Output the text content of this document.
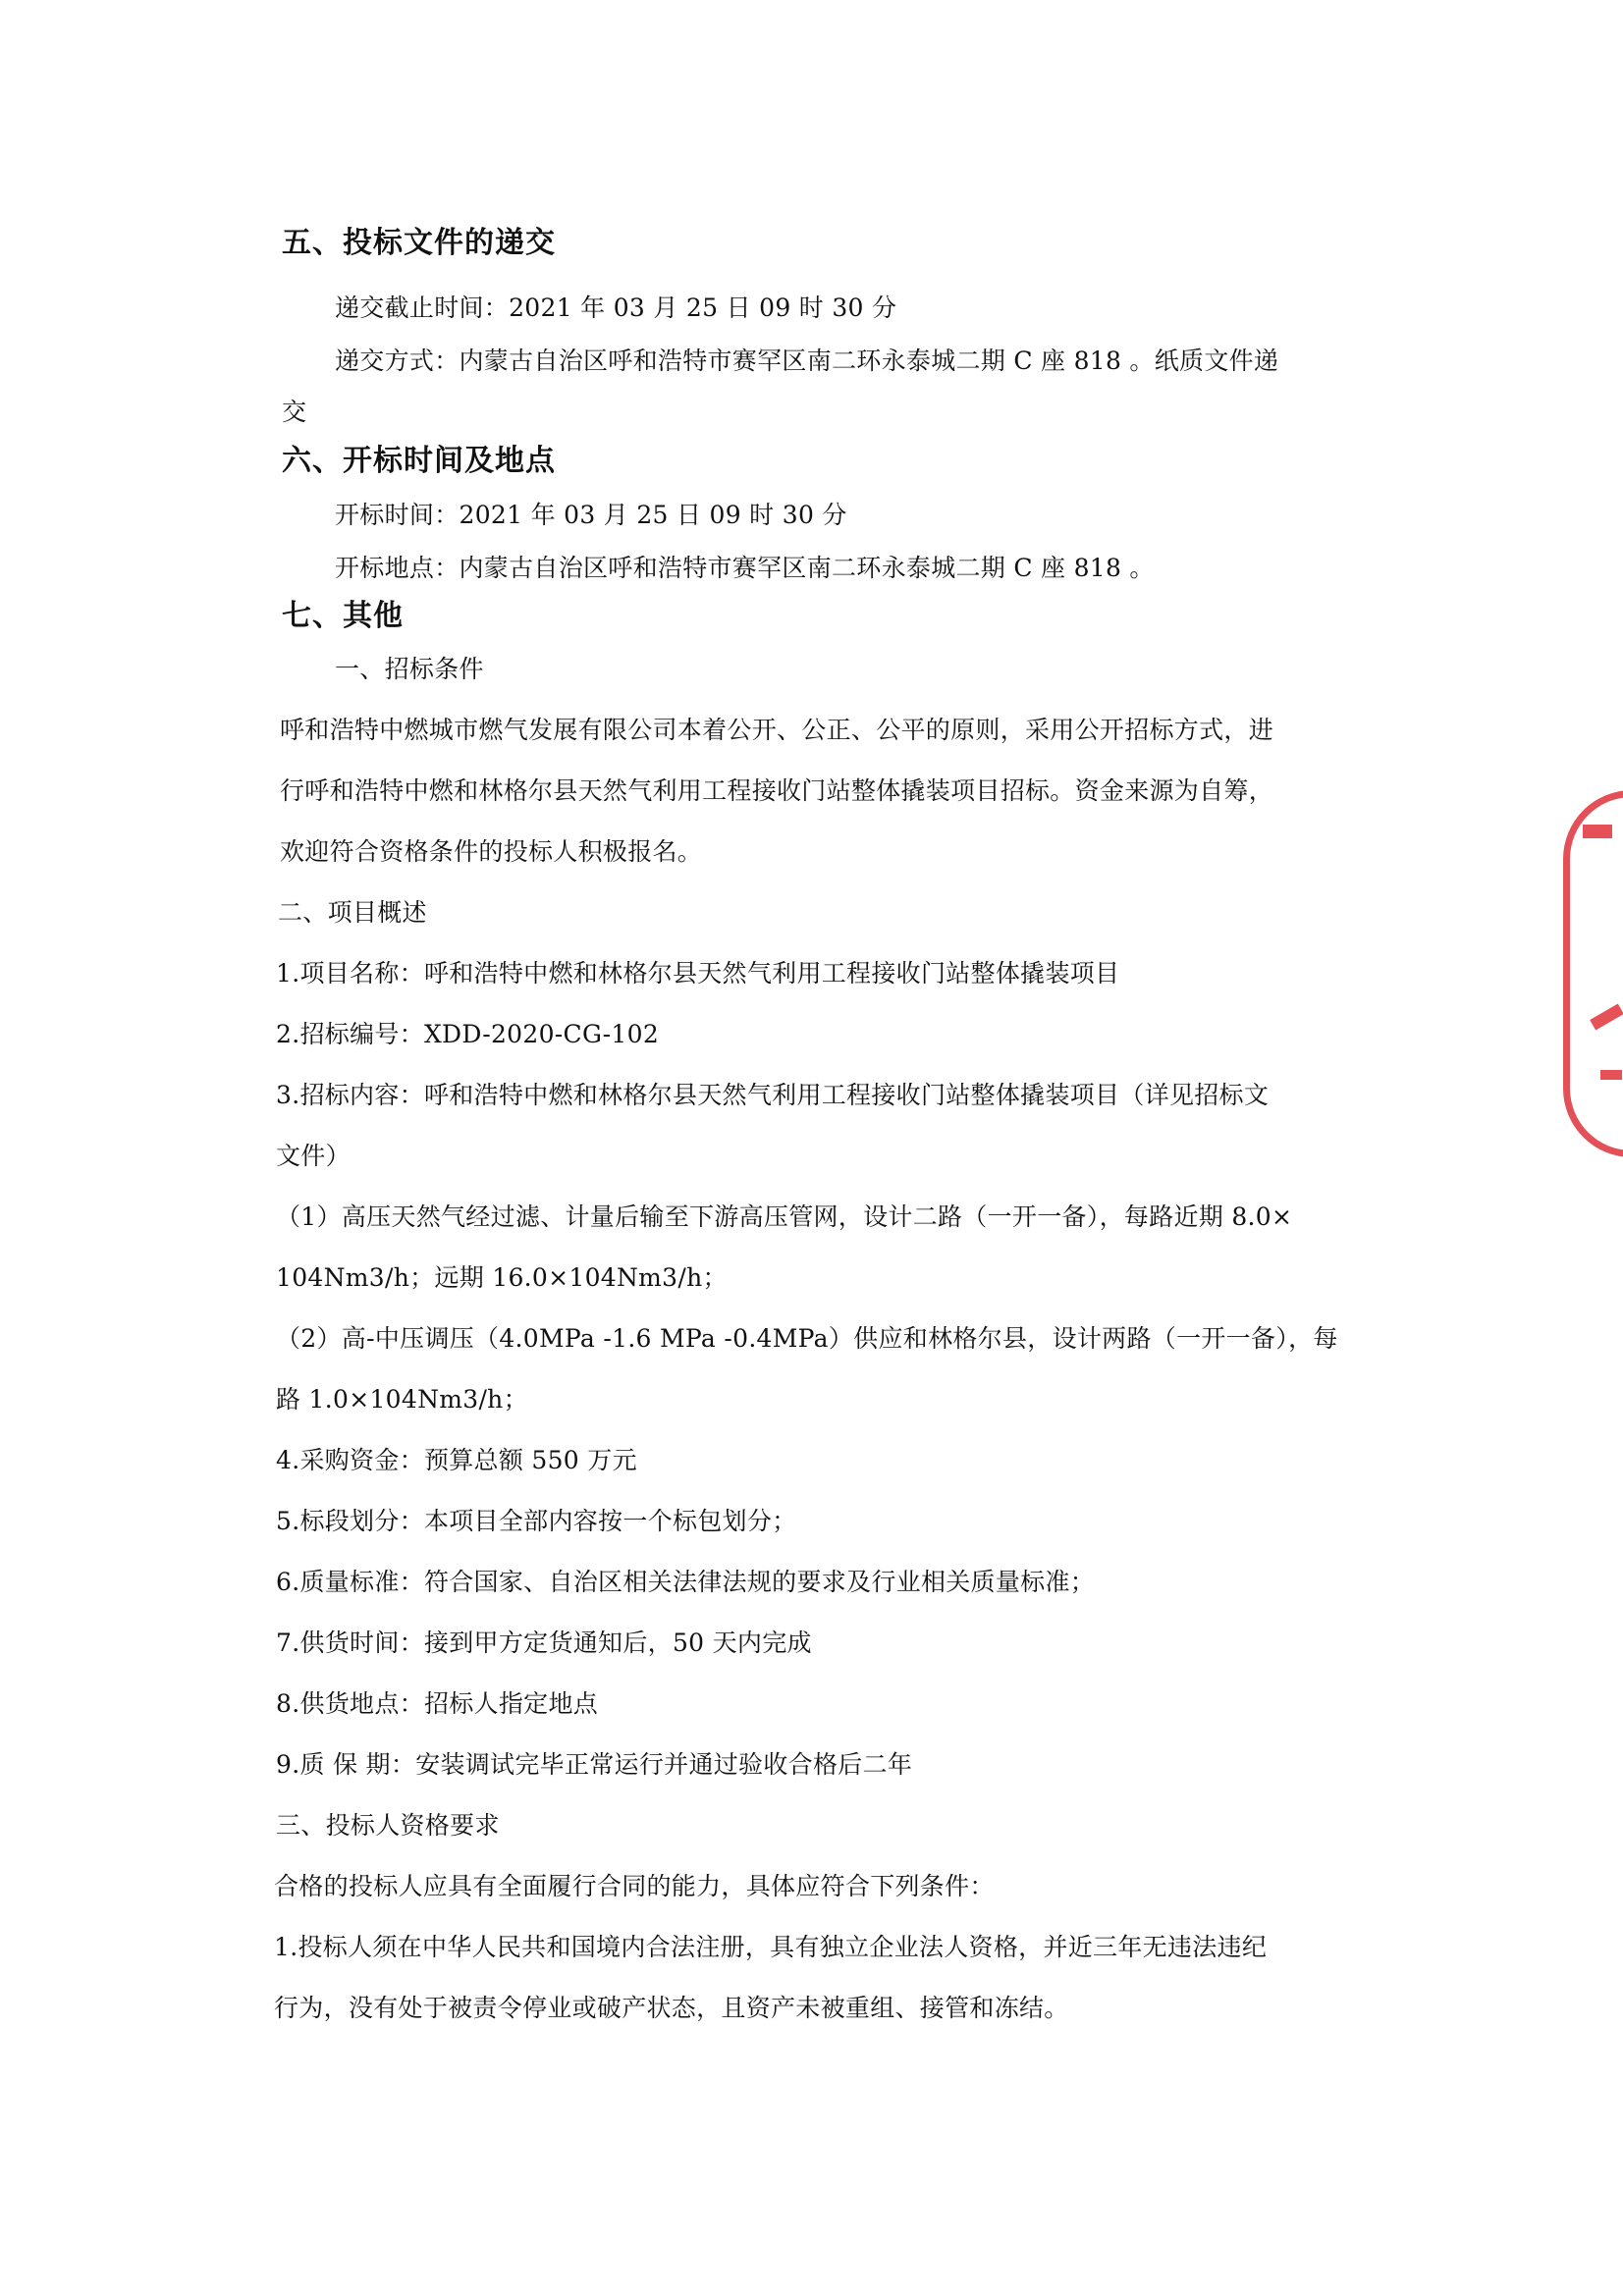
五、投标文件的递交
递交截止时间：2021 年 03 月 25 日 09 时 30 分
递交方式：内蒙古自治区呼和浩特市赛罕区南二环永泰城二期 C 座 818 。纸质文件递
交
六、开标时间及地点
开标时间：2021 年 03 月 25 日 09 时 30 分
开标地点：内蒙古自治区呼和浩特市赛罕区南二环永泰城二期 C 座 818 。
七、其他
一、招标条件
呼和浩特中燃城市燃气发展有限公司本着公开、公正、公平的原则，采用公开招标方式，进
行呼和浩特中燃和林格尔县天然气利用工程接收门站整体撬装项目招标。资金来源为自筹，
欢迎符合资格条件的投标人积极报名。
二、项目概述
1.项目名称：呼和浩特中燃和林格尔县天然气利用工程接收门站整体撬装项目
2.招标编号：XDD-2020-CG-102
3.招标内容：呼和浩特中燃和林格尔县天然气利用工程接收门站整体撬装项目（详见招标文
文件）
（1）高压天然气经过滤、计量后输至下游高压管网，设计二路（一开一备），每路近期 8.0×
104Nm3/h；远期 16.0×104Nm3/h；
（2）高-中压调压（4.0MPa -1.6 MPa -0.4MPa）供应和林格尔县，设计两路（一开一备），每
路 1.0×104Nm3/h；
4.采购资金：预算总额 550 万元
5.标段划分：本项目全部内容按一个标包划分；
6.质量标准：符合国家、自治区相关法律法规的要求及行业相关质量标准；
7.供货时间：接到甲方定货通知后，50 天内完成
8.供货地点：招标人指定地点
9.质 保 期：安装调试完毕正常运行并通过验收合格后二年
三、投标人资格要求
合格的投标人应具有全面履行合同的能力，具体应符合下列条件：
1.投标人须在中华人民共和国境内合法注册，具有独立企业法人资格，并近三年无违法违纪
行为，没有处于被责令停业或破产状态，且资产未被重组、接管和冻结。
